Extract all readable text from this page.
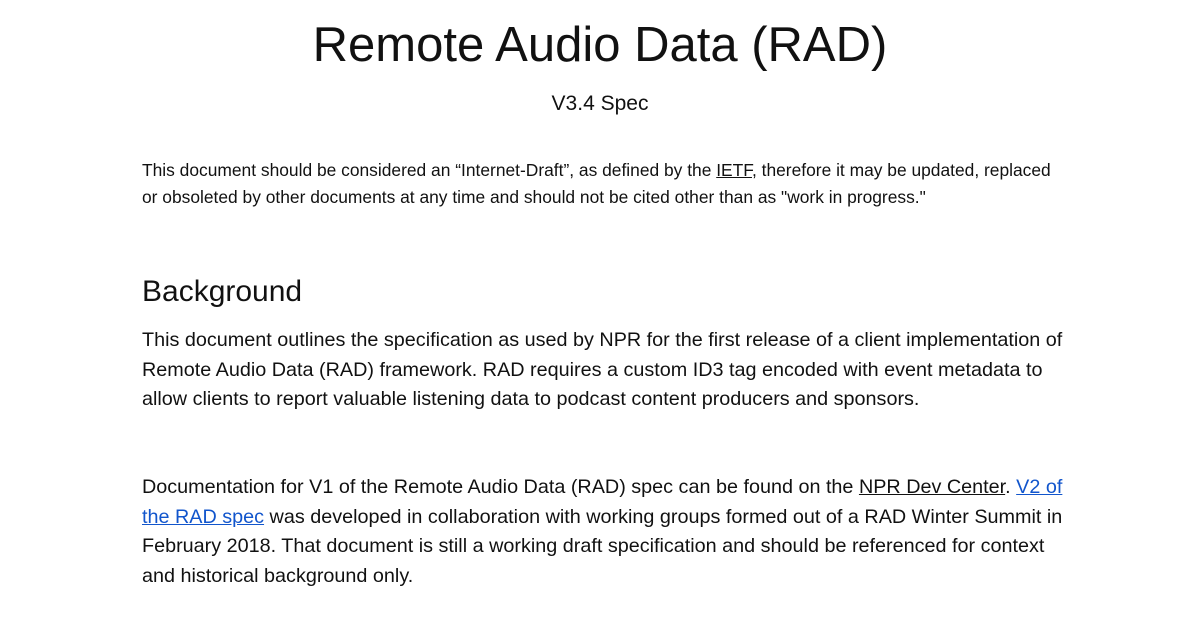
Remote Audio Data (RAD)

V3.4 Spec

This document should be considered an “Internet-Draft”, as defined by the IETF, therefore it may be updated, replaced or obsoleted by other documents at any time and should not be cited other than as "work in progress."

Background

This document outlines the specification as used by NPR for the first release of a client implementation of Remote Audio Data (RAD) framework. RAD requires a custom ID3 tag encoded with event metadata to allow clients to report valuable listening data to podcast content producers and sponsors.

Documentation for V1 of the Remote Audio Data (RAD) spec can be found on the NPR Dev Center. V2 of the RAD spec was developed in collaboration with working groups formed out of a RAD Winter Summit in February 2018. That document is still a working draft specification and should be referenced for context and historical background only.
